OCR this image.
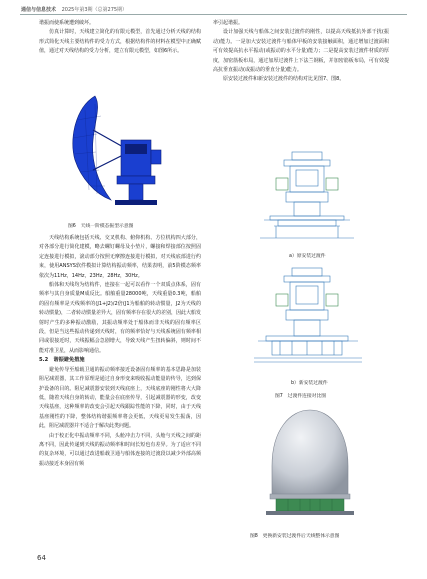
通信与信息技术 2025年第3期（总第275期）

谐振而使系统遭到破坏。

仿真计算时，天线建立简化的有限元模型，首先通过分析天线的结构形式简化天线主要结构件的受力方式，根据结构件的材料在模型中正确赋值，通过对天线结构的受力分析，建立有限元模型，如图6所示。

图6　天线一阶模态振型示意图

天线结构系统包括天线、交叉机构、俯仰机构、方位机构四大部分，对各部分进行简化建模，略去螺钉螺母及小垫片，螺接和焊接部位按照固定连接进行模拟，滚动部分按照无摩擦连接进行模拟，对天线底部进行约束，使用ANSYS软件模拟计算结构振动频率，结果表明，前5阶模态频率依次为11Hz，14Hz，23Hz，28Hz，30Hz。

船体和天线均为结构件，连接在一起可以看作一个双质点体系，固有频率与其自身质量M成反比。船舶重量28000吨，天线重量0.3吨，船舶的固有频率是天线频率的(J1+J2)/2倍(J1为船舶的转动惯量，J2为天线的转动惯量)，二者转动惯量差异大，固有频率存在很大的差别，因此大船发射时产生的多种振动激励，其振动频率处于船体而非天线的固有频率区段，但是当这些振动传递到天线时，有的频率恰好与天线系统固有频率相同或很接近时，天线振幅会急剧增大，导致天线产生扭转偏斜，则时间不能对准卫星，从而影响通信。

5.2　谐振避免措施

避免传导至船载卫通的振动频率接近设备固有频率的基本思路是加装阻尼减震器，其工作原理是通过自身形变来吸收振动能量的传导，达到保护设备的目的。阻尼减震器安装到天线底座上，天线底座的刚性将大大降低，随着天线自身的转动，能量会在底座传导，引起减震器的形变，改变天线基座，这种频率的改变会引起天线跟踪性能的下降，同时，由于天线基座刚性的下降，整体结构谐振频率将会更低，天线更易发生振荡，因此，阻尼减震器并不适合于解决此类问题。

由于校正化中振动频率不同，头舱冲击力不同，头舱与天线之间的距离不同，因此传递到天线的振动频率和时间长短也有差异。为了适应不同的复杂环境，可以通过改进船载卫通与船体连接的过渡段以减少外部高频振动接近本身固有频

64

率引起谐振。

设计加强天线与船体之间安装过渡件的刚性，以提高天线抵抗外部干扰(振动)能力。一是加大安装过渡件与船体甲板的安装接触面积，通过增加过渡面积可有效提高抗水平振动(或振动的水平分量)能力；二是提高安装过渡件材质的厚度，加密筋板布局，通过加厚过渡件上下法兰钢板，并加密筋板布局，可有效提高抗垂直振动(或振动的垂直分量)能力。

原安装过渡件和新安装过渡件的结构对比见图7、图8。

a）原安装过渡件
b）新安装过渡件
图7　过渡件连接对比图
图8　更换新安装过渡件后天线整体示意图
